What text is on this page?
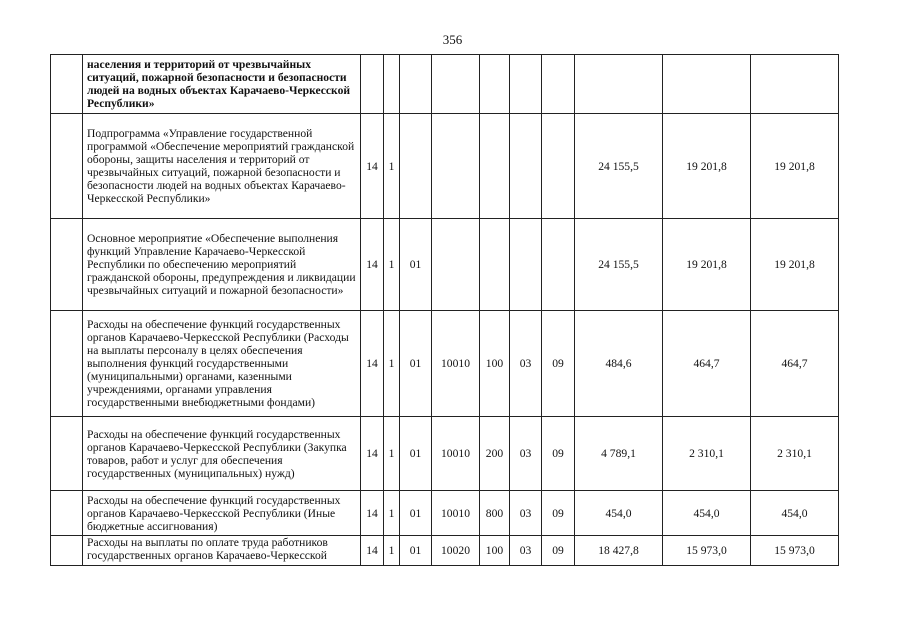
356
	населения и территорий от чрезвычайных ситуаций, пожарной безопасности и безопасности людей на водных объектах Карачаево-Черкесской Республики»										
	Подпрограмма «Управление государственной программой «Обеспечение мероприятий гражданской обороны, защиты населения и территорий от чрезвычайных ситуаций, пожарной безопасности и безопасности людей на водных объектах Карачаево-Черкесской Республики»	14	1						24 155,5	19 201,8	19 201,8
	Основное мероприятие «Обеспечение выполнения функций Управление Карачаево-Черкесской Республики по обеспечению мероприятий гражданской обороны, предупреждения и ликвидации чрезвычайных ситуаций и пожарной безопасности»	14	1	01					24 155,5	19 201,8	19 201,8
	Расходы на обеспечение функций государственных органов Карачаево-Черкесской Республики (Расходы на выплаты персоналу в целях обеспечения выполнения функций государственными (муниципальными) органами, казенными учреждениями, органами управления государственными внебюджетными фондами)	14	1	01	10010	100	03	09	484,6	464,7	464,7
	Расходы на обеспечение функций государственных органов Карачаево-Черкесской Республики (Закупка товаров, работ и услуг для обеспечения государственных (муниципальных) нужд)	14	1	01	10010	200	03	09	4 789,1	2 310,1	2 310,1
	Расходы на обеспечение функций государственных органов Карачаево-Черкесской Республики (Иные бюджетные ассигнования)	14	1	01	10010	800	03	09	454,0	454,0	454,0
	Расходы на выплаты по оплате труда работников государственных органов Карачаево-Черкесской	14	1	01	10020	100	03	09	18 427,8	15 973,0	15 973,0
